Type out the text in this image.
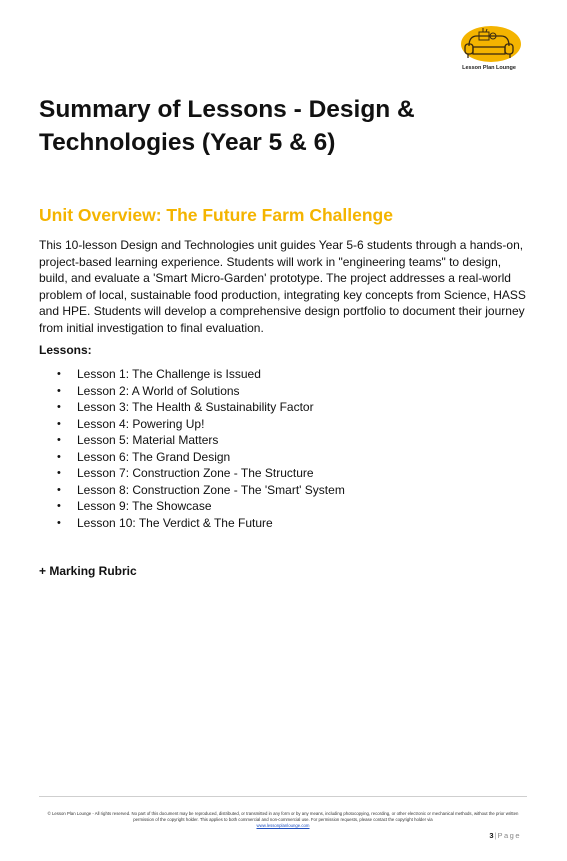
Lesson Plan Lounge
Summary of Lessons - Design & Technologies (Year 5 & 6)
Unit Overview: The Future Farm Challenge

This 10-lesson Design and Technologies unit guides Year 5-6 students through a hands-on, project-based learning experience. Students will work in "engineering teams" to design, build, and evaluate a 'Smart Micro-Garden' prototype. The project addresses a real-world problem of local, sustainable food production, integrating key concepts from Science, HASS and HPE. Students will develop a comprehensive design portfolio to document their journey from initial investigation to final evaluation.

Lessons:

• Lesson 1: The Challenge is Issued
• Lesson 2: A World of Solutions
• Lesson 3: The Health & Sustainability Factor
• Lesson 4: Powering Up!
• Lesson 5: Material Matters
• Lesson 6: The Grand Design
• Lesson 7: Construction Zone - The Structure
• Lesson 8: Construction Zone - The 'Smart' System
• Lesson 9: The Showcase
• Lesson 10: The Verdict & The Future

+ Marking Rubric

© Lesson Plan Lounge - All rights reserved. No part of this document may be reproduced, distributed, or transmitted in any form or by any means, including photocopying, recording, or other electronic or mechanical methods, without the prior written permission of the copyright holder. This applies to both commercial and non-commercial use. For permission requests, please contact the copyright holder via
www.lessonplanlounge.com

3|Page
